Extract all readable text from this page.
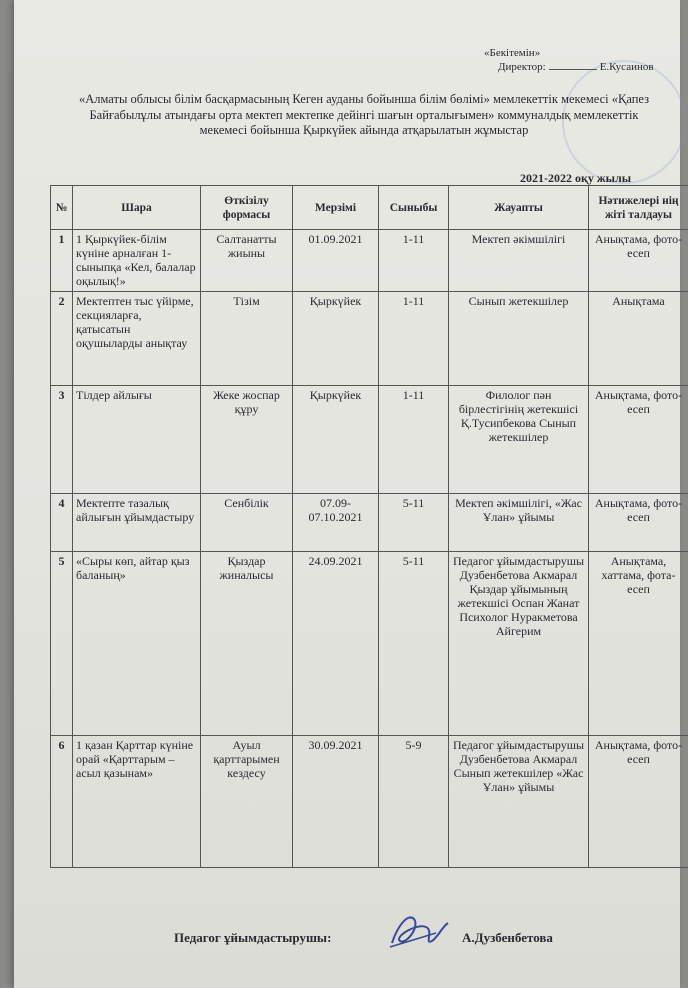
«Бекітемін»
Директор:	Е.Кусаинов
«Алматы облысы білім басқармасының Кеген ауданы бойынша білім бөлімі» мемлекеттік мекемесі «Қапез Байғабылұлы атындағы орта мектеп мектепке дейінгі шағын орталығымен» коммуналдық мемлекеттік мекемесі бойынша Қыркүйек айында атқарылатын жұмыстар
2021-2022 оқу жылы
№	Шара	Өткізілу формасы	Мерзімі	Сыныбы	Жауапты	Нәтижелері нің жіті талдауы
1	1 Қыркүйек-білім күніне арналған 1-сыныпқа «Кел, балалар оқылық!»	Салтанатты жиыны	01.09.2021	1-11	Мектеп әкімшілігі	Анықтама, фото-есеп
2	Мектептен тыс үйірме, секцияларға, қатысатын оқушыларды анықтау	Тізім	Қыркүйек	1-11	Сынып жетекшілер	Анықтама
3	Тілдер айлығы	Жеке жоспар құру	Қыркүйек	1-11	Филолог пән бірлестігінің жетекшісі Қ.Тусипбекова Сынып жетекшілер	Анықтама, фото-есеп
4	Мектепте тазалық айлығын ұйымдастыру	Сенбілік	07.09-07.10.2021	5-11	Мектеп әкімшілігі, «Жас Ұлан» ұйымы	Анықтама, фото-есеп
5	«Сыры көп, айтар қыз баланың»	Қыздар жиналысы	24.09.2021	5-11	Педагог ұйымдастырушы Дузбенбетова Акмарал Қыздар ұйымының жетекшісі Оспан Жанат Психолог Нуракметова Айгерим	Анықтама, хаттама, фота-есеп
6	1 қазан Қарттар күніне орай «Қарттарым –асыл қазынам»	Ауыл қарттарымен кездесу	30.09.2021	5-9	Педагог ұйымдастырушы Дузбенбетова Акмарал Сынып жетекшілер «Жас Ұлан» ұйымы	Анықтама, фото-есеп
Педагог ұйымдастырушы:	А.Дузбенбетова
